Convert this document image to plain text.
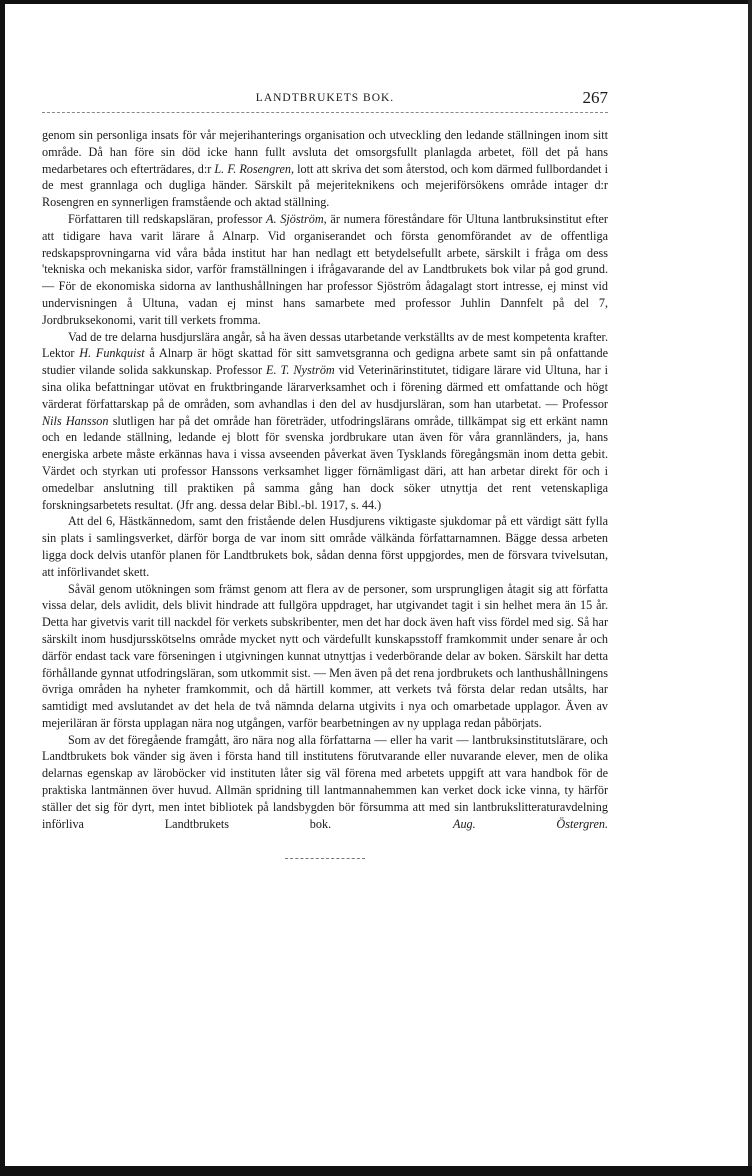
LANDTBRUKETS BOK.	267

genom sin personliga insats för vår mejerihanterings organisation och utveckling den ledande ställningen inom sitt område. Då han före sin död icke hann fullt avsluta det omsorgsfullt planlagda arbetet, föll det på hans medarbetares och efterträdares, d:r L. F. Rosengren, lott att skriva det som återstod, och kom därmed fullbordandet i de mest grannlaga och dugliga händer. Särskilt på mejeriteknikens och mejeriförsökens område intager d:r Rosengren en synnerligen framstående och aktad ställning.

Författaren till redskapsläran, professor A. Sjöström, är numera föreståndare för Ultuna lantbruksinstitut efter att tidigare hava varit lärare å Alnarp. Vid organiserandet och första genomförandet av de offentliga redskapsprovningarna vid våra båda institut har han nedlagt ett betydelsefullt arbete, särskilt i fråga om dess 'tekniska och mekaniska sidor, varför framställningen i ifrågavarande del av Landtbrukets bok vilar på god grund. — För de ekonomiska sidorna av lanthushållningen har professor Sjöström ådagalagt stort intresse, ej minst vid undervisningen å Ultuna, vadan ej minst hans samarbete med professor Juhlin Dannfelt på del 7, Jordbruksekonomi, varit till verkets fromma.

Vad de tre delarna husdjurslära angår, så ha även dessas utarbetande verkställts av de mest kompetenta krafter. Lektor H. Funkquist å Alnarp är högt skattad för sitt samvetsgranna och gedigna arbete samt sin på onfattande studier vilande solida sakkunskap. Professor E. T. Nyström vid Veterinärinstitutet, tidigare lärare vid Ultuna, har i sina olika befattningar utövat en fruktbringande lärarverksamhet och i förening därmed ett omfattande och högt värderat författarskap på de områden, som avhandlas i den del av husdjursläran, som han utarbetat. — Professor Nils Hansson slutligen har på det område han företräder, utfodringslärans område, tillkämpat sig ett erkänt namn och en ledande ställning, ledande ej blott för svenska jordbrukare utan även för våra grannländers, ja, hans energiska arbete måste erkännas hava i vissa avseenden påverkat även Tysklands föregångsmän inom detta gebit. Värdet och styrkan uti professor Hanssons verksamhet ligger förnämligast däri, att han arbetar direkt för och i omedelbar anslutning till praktiken på samma gång han dock söker utnyttja det rent vetenskapliga forskningsarbetets resultat. (Jfr ang. dessa delar Bibl.-bl. 1917, s. 44.)

Att del 6, Hästkännedom, samt den fristående delen Husdjurens viktigaste sjukdomar på ett värdigt sätt fylla sin plats i samlingsverket, därför borga de var inom sitt område välkända författarnamnen. Bägge dessa arbeten ligga dock delvis utanför planen för Landtbrukets bok, sådan denna först uppgjordes, men de försvara tvivelsutan, att införlivandet skett.

Såväl genom utökningen som främst genom att flera av de personer, som ursprungligen åtagit sig att författa vissa delar, dels avlidit, dels blivit hindrade att fullgöra uppdraget, har utgivandet tagit i sin helhet mera än 15 år. Detta har givetvis varit till nackdel för verkets subskribenter, men det har dock även haft viss fördel med sig. Så har särskilt inom husdjursskötselns område mycket nytt och värdefullt kunskapsstoff framkommit under senare år och därför endast tack vare förseningen i utgivningen kunnat utnyttjas i vederbörande delar av boken. Särskilt har detta förhållande gynnat utfodringsläran, som utkommit sist. — Men även på det rena jordbrukets och lanthushållningens övriga områden ha nyheter framkommit, och då härtill kommer, att verkets två första delar redan utsålts, har samtidigt med avslutandet av det hela de två nämnda delarna utgivits i nya och omarbetade upplagor. Även av mejeriläran är första upplagan nära nog utgången, varför bearbetningen av ny upplaga redan påbörjats.

Som av det föregående framgått, äro nära nog alla författarna — eller ha varit — lantbruksinstitutslärare, och Landtbrukets bok vänder sig även i första hand till institutens förutvarande eller nuvarande elever, men de olika delarnas egenskap av läroböcker vid instituten låter sig väl förena med arbetets uppgift att vara handbok för de praktiska lantmännen över huvud. Allmän spridning till lantmannahemmen kan verket dock icke vinna, ty härför ställer det sig för dyrt, men intet bibliotek på landsbygden bör försumma att med sin lantbrukslitteraturavdelning införliva Landtbrukets bok.          	Aug. Östergren.
